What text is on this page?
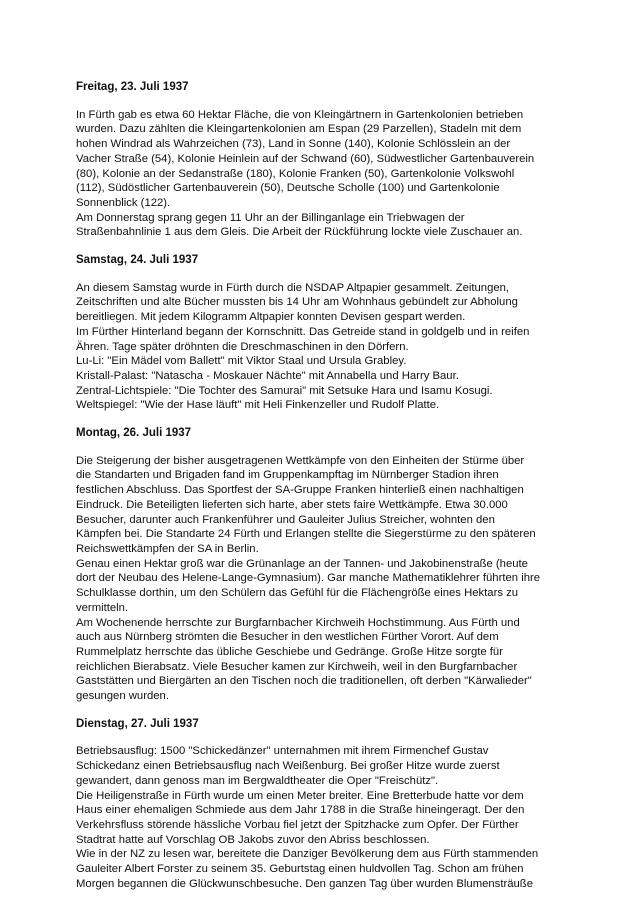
Freitag, 23. Juli 1937

In Fürth gab es etwa 60 Hektar Fläche, die von Kleingärtnern in Gartenkolonien betrieben
wurden. Dazu zählten die Kleingartenkolonien am Espan (29 Parzellen), Stadeln mit dem
hohen Windrad als Wahrzeichen (73), Land in Sonne (140), Kolonie Schlösslein an der
Vacher Straße (54), Kolonie Heinlein auf der Schwand (60), Südwestlicher Gartenbauverein
(80), Kolonie an der Sedanstraße (180), Kolonie Franken (50), Gartenkolonie Volkswohl
(112), Südöstlicher Gartenbauverein (50), Deutsche Scholle (100) und Gartenkolonie
Sonnenblick (122).
Am Donnerstag sprang gegen 11 Uhr an der Billinganlage ein Triebwagen der
Straßenbahnlinie 1 aus dem Gleis. Die Arbeit der Rückführung lockte viele Zuschauer an.

Samstag, 24. Juli 1937

An diesem Samstag wurde in Fürth durch die NSDAP Altpapier gesammelt. Zeitungen,
Zeitschriften und alte Bücher mussten bis 14 Uhr am Wohnhaus gebündelt zur Abholung
bereitliegen. Mit jedem Kilogramm Altpapier konnten Devisen gespart werden.
Im Fürther Hinterland begann der Kornschnitt. Das Getreide stand in goldgelb und in reifen
Ähren. Tage später dröhnten die Dreschmaschinen in den Dörfern.
Lu-Li: "Ein Mädel vom Ballett" mit Viktor Staal und Ursula Grabley.
Kristall-Palast: "Natascha - Moskauer Nächte" mit Annabella und Harry Baur.
Zentral-Lichtspiele: "Die Tochter des Samurai" mit Setsuke Hara und Isamu Kosugi.
Weltspiegel: "Wie der Hase läuft" mit Heli Finkenzeller und Rudolf Platte.

Montag, 26. Juli 1937

Die Steigerung der bisher ausgetragenen Wettkämpfe von den Einheiten der Stürme über
die Standarten und Brigaden fand im Gruppenkampftag im Nürnberger Stadion ihren
festlichen Abschluss. Das Sportfest der SA-Gruppe Franken hinterließ einen nachhaltigen
Eindruck. Die Beteiligten lieferten sich harte, aber stets faire Wettkämpfe. Etwa 30.000
Besucher, darunter auch Frankenführer und Gauleiter Julius Streicher, wohnten den
Kämpfen bei. Die Standarte 24 Fürth und Erlangen stellte die Siegerstürme zu den späteren
Reichswettkämpfen der SA in Berlin.
Genau einen Hektar groß war die Grünanlage an der Tannen- und Jakobinenstraße (heute
dort der Neubau des Helene-Lange-Gymnasium). Gar manche Mathematiklehrer führten ihre
Schulklasse dorthin, um den Schülern das Gefühl für die Flächengröße eines Hektars zu
vermitteln.
Am Wochenende herrschte zur Burgfarnbacher Kirchweih Hochstimmung. Aus Fürth und
auch aus Nürnberg strömten die Besucher in den westlichen Fürther Vorort. Auf dem
Rummelplatz herrschte das übliche Geschiebe und Gedränge. Große Hitze sorgte für
reichlichen Bierabsatz. Viele Besucher kamen zur Kirchweih, weil in den Burgfarnbacher
Gaststätten und Biergärten an den Tischen noch die traditionellen, oft derben "Kärwalieder"
gesungen wurden.

Dienstag, 27. Juli 1937

Betriebsausflug: 1500 "Schickedänzer" unternahmen mit ihrem Firmenchef Gustav
Schickedanz einen Betriebsausflug nach Weißenburg. Bei großer Hitze wurde zuerst
gewandert, dann genoss man im Bergwaldtheater die Oper "Freischütz".
Die Heiligenstraße in Fürth wurde um einen Meter breiter. Eine Bretterbude hatte vor dem
Haus einer ehemaligen Schmiede aus dem Jahr 1788 in die Straße hineingeragt. Der den
Verkehrsfluss störende hässliche Vorbau fiel jetzt der Spitzhacke zum Opfer. Der Fürther
Stadtrat hatte auf Vorschlag OB Jakobs zuvor den Abriss beschlossen.
Wie in der NZ zu lesen war, bereitete die Danziger Bevölkerung dem aus Fürth stammenden
Gauleiter Albert Forster zu seinem 35. Geburtstag einen huldvollen Tag. Schon am frühen
Morgen begannen die Glückwunschbesuche. Den ganzen Tag über wurden Blumensträuße
